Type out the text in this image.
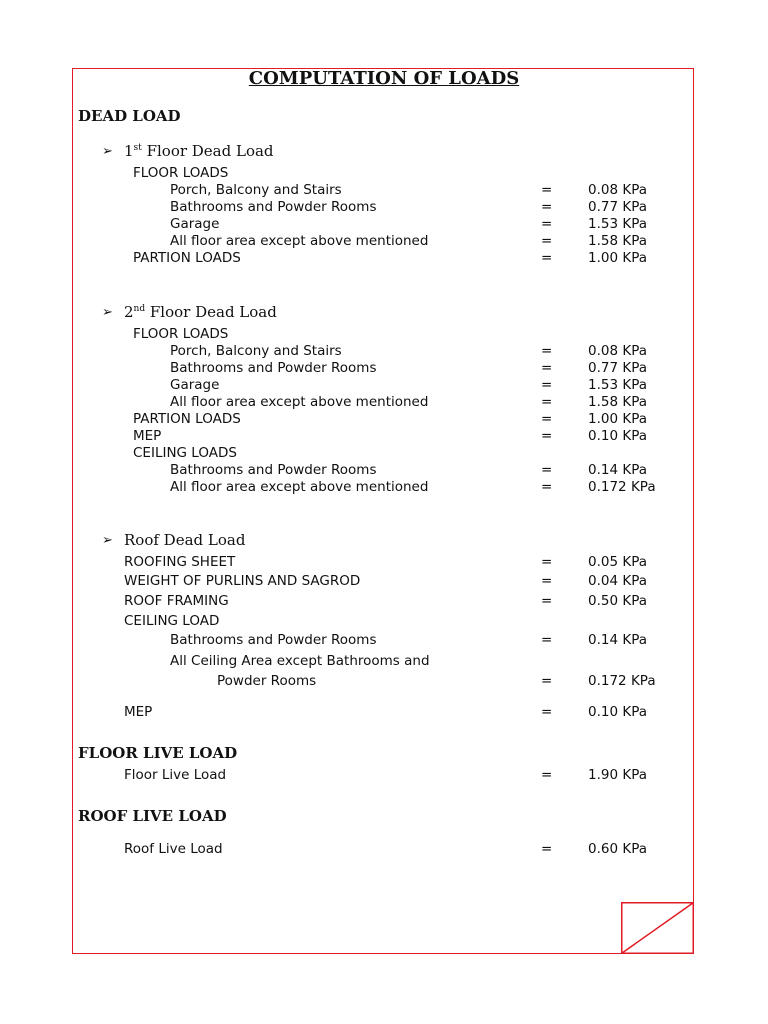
COMPUTATION OF LOADS
DEAD LOAD
➢ 1st Floor Dead Load
FLOOR LOADS
Porch, Balcony and Stairs	=	0.08 KPa
Bathrooms and Powder Rooms	=	0.77 KPa
Garage	=	1.53 KPa
All floor area except above mentioned	=	1.58 KPa
PARTION LOADS	=	1.00 KPa
➢ 2nd Floor Dead Load
FLOOR LOADS
Porch, Balcony and Stairs	=	0.08 KPa
Bathrooms and Powder Rooms	=	0.77 KPa
Garage	=	1.53 KPa
All floor area except above mentioned	=	1.58 KPa
PARTION LOADS	=	1.00 KPa
MEP	=	0.10 KPa
CEILING LOADS
Bathrooms and Powder Rooms	=	0.14 KPa
All floor area except above mentioned	=	0.172 KPa
➢ Roof Dead Load
ROOFING SHEET	=	0.05 KPa
WEIGHT OF PURLINS AND SAGROD	=	0.04 KPa
ROOF FRAMING	=	0.50 KPa
CEILING LOAD
Bathrooms and Powder Rooms	=	0.14 KPa
All Ceiling Area except Bathrooms and
Powder Rooms	=	0.172 KPa
MEP	=	0.10 KPa
FLOOR LIVE LOAD
Floor Live Load	=	1.90 KPa
ROOF LIVE LOAD
Roof Live Load	=	0.60 KPa
